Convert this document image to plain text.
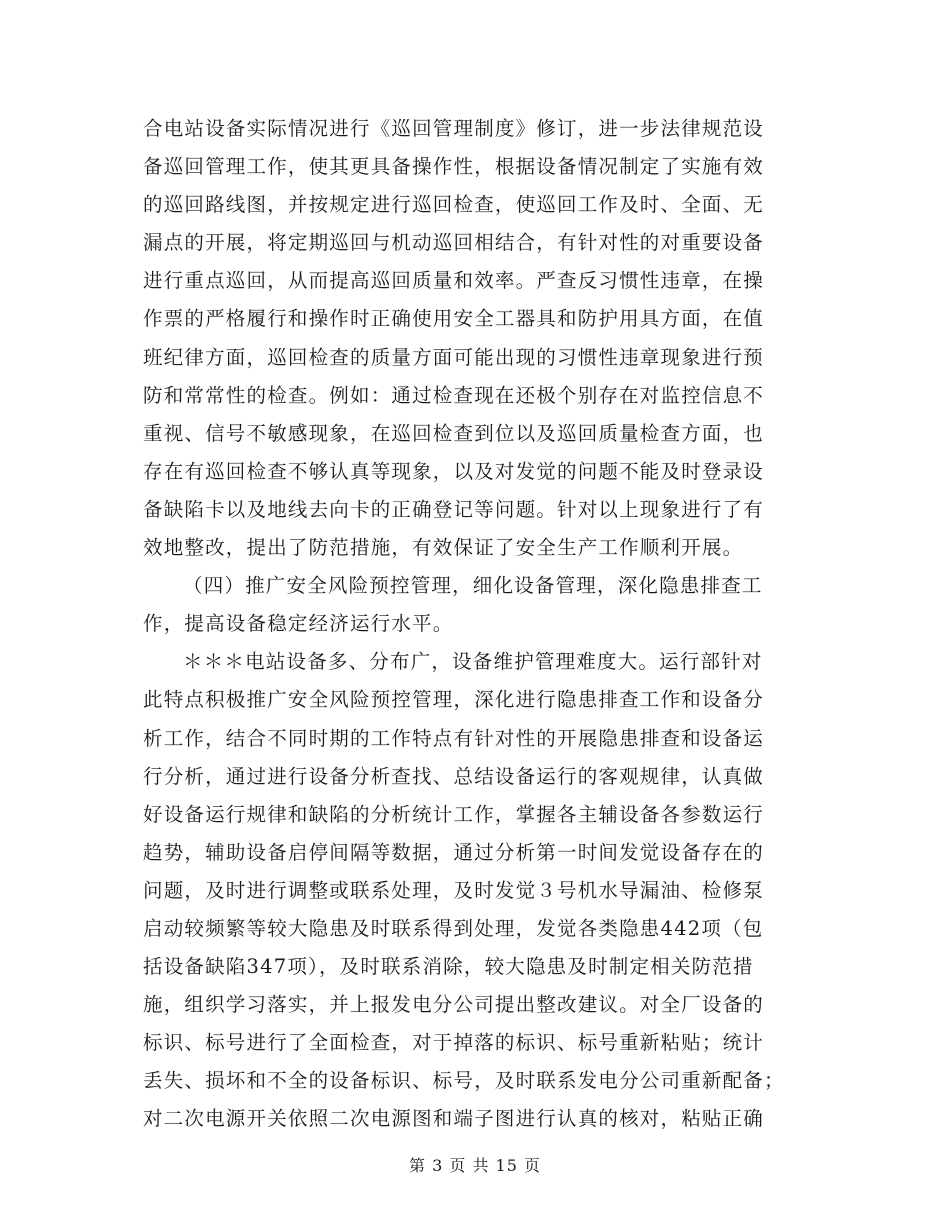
合电站设备实际情况进行《巡回管理制度》修订，进一步法律规范设
备巡回管理工作，使其更具备操作性，根据设备情况制定了实施有效
的巡回路线图，并按规定进行巡回检查，使巡回工作及时、全面、无
漏点的开展，将定期巡回与机动巡回相结合，有针对性的对重要设备
进行重点巡回，从而提高巡回质量和效率。严查反习惯性违章，在操
作票的严格履行和操作时正确使用安全工器具和防护用具方面，在值
班纪律方面，巡回检查的质量方面可能出现的习惯性违章现象进行预
防和常常性的检查。例如：通过检查现在还极个别存在对监控信息不
重视、信号不敏感现象，在巡回检查到位以及巡回质量检查方面，也
存在有巡回检查不够认真等现象，以及对发觉的问题不能及时登录设
备缺陷卡以及地线去向卡的正确登记等问题。针对以上现象进行了有
效地整改，提出了防范措施，有效保证了安全生产工作顺利开展。
（四）推广安全风险预控管理，细化设备管理，深化隐患排查工
作，提高设备稳定经济运行水平。
＊＊＊电站设备多、分布广，设备维护管理难度大。运行部针对
此特点积极推广安全风险预控管理，深化进行隐患排查工作和设备分
析工作，结合不同时期的工作特点有针对性的开展隐患排查和设备运
行分析，通过进行设备分析查找、总结设备运行的客观规律，认真做
好设备运行规律和缺陷的分析统计工作，掌握各主辅设备各参数运行
趋势，辅助设备启停间隔等数据，通过分析第一时间发觉设备存在的
问题，及时进行调整或联系处理，及时发觉３号机水导漏油、检修泵
启动较频繁等较大隐患及时联系得到处理，发觉各类隐患442项（包
括设备缺陷347项），及时联系消除，较大隐患及时制定相关防范措
施，组织学习落实，并上报发电分公司提出整改建议。对全厂设备的
标识、标号进行了全面检查，对于掉落的标识、标号重新粘贴；统计
丢失、损坏和不全的设备标识、标号，及时联系发电分公司重新配备；
对二次电源开关依照二次电源图和端子图进行认真的核对，粘贴正确
第 3 页 共 15 页
